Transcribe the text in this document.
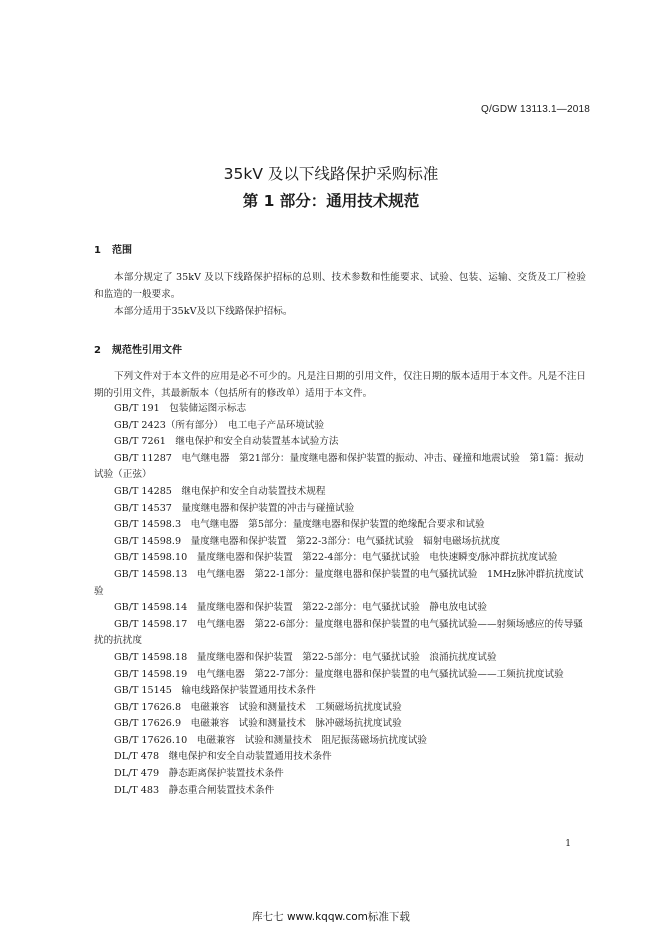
Q/GDW 13113.1—2018
35kV 及以下线路保护采购标准
第 1 部分：通用技术规范
1 范围
本部分规定了 35kV 及以下线路保护招标的总则、技术参数和性能要求、试验、包装、运输、交货及工厂检验和监造的一般要求。
本部分适用于35kV及以下线路保护招标。
2 规范性引用文件
下列文件对于本文件的应用是必不可少的。凡是注日期的引用文件，仅注日期的版本适用于本文件。凡是不注日期的引用文件，其最新版本（包括所有的修改单）适用于本文件。
GB/T 191　包装储运图示标志
GB/T 2423（所有部分）　电工电子产品环境试验
GB/T 7261　继电保护和安全自动装置基本试验方法
GB/T 11287　电气继电器　第21部分：量度继电器和保护装置的振动、冲击、碰撞和地震试验　第1篇：振动试验（正弦）
GB/T 14285　继电保护和安全自动装置技术规程
GB/T 14537　量度继电器和保护装置的冲击与碰撞试验
GB/T 14598.3　电气继电器　第5部分：量度继电器和保护装置的绝缘配合要求和试验
GB/T 14598.9　量度继电器和保护装置　第22-3部分：电气骚扰试验　辐射电磁场抗扰度
GB/T 14598.10　量度继电器和保护装置　第22-4部分：电气骚扰试验　电快速瞬变/脉冲群抗扰度试验
GB/T 14598.13　电气继电器　第22-1部分：量度继电器和保护装置的电气骚扰试验　1MHz脉冲群抗扰度试验
GB/T 14598.14　量度继电器和保护装置　第22-2部分：电气骚扰试验　静电放电试验
GB/T 14598.17　电气继电器　第22-6部分：量度继电器和保护装置的电气骚扰试验——射频场感应的传导骚扰的抗扰度
GB/T 14598.18　量度继电器和保护装置　第22-5部分：电气骚扰试验　浪涌抗扰度试验
GB/T 14598.19　电气继电器　第22-7部分：量度继电器和保护装置的电气骚扰试验——工频抗扰度试验
GB/T 15145　输电线路保护装置通用技术条件
GB/T 17626.8　电磁兼容　试验和测量技术　工频磁场抗扰度试验
GB/T 17626.9　电磁兼容　试验和测量技术　脉冲磁场抗扰度试验
GB/T 17626.10　电磁兼容　试验和测量技术　阻尼振荡磁场抗扰度试验
DL/T 478　继电保护和安全自动装置通用技术条件
DL/T 479　静态距离保护装置技术条件
DL/T 483　静态重合闸装置技术条件
1
库七七 www.kqqw.com标准下载
